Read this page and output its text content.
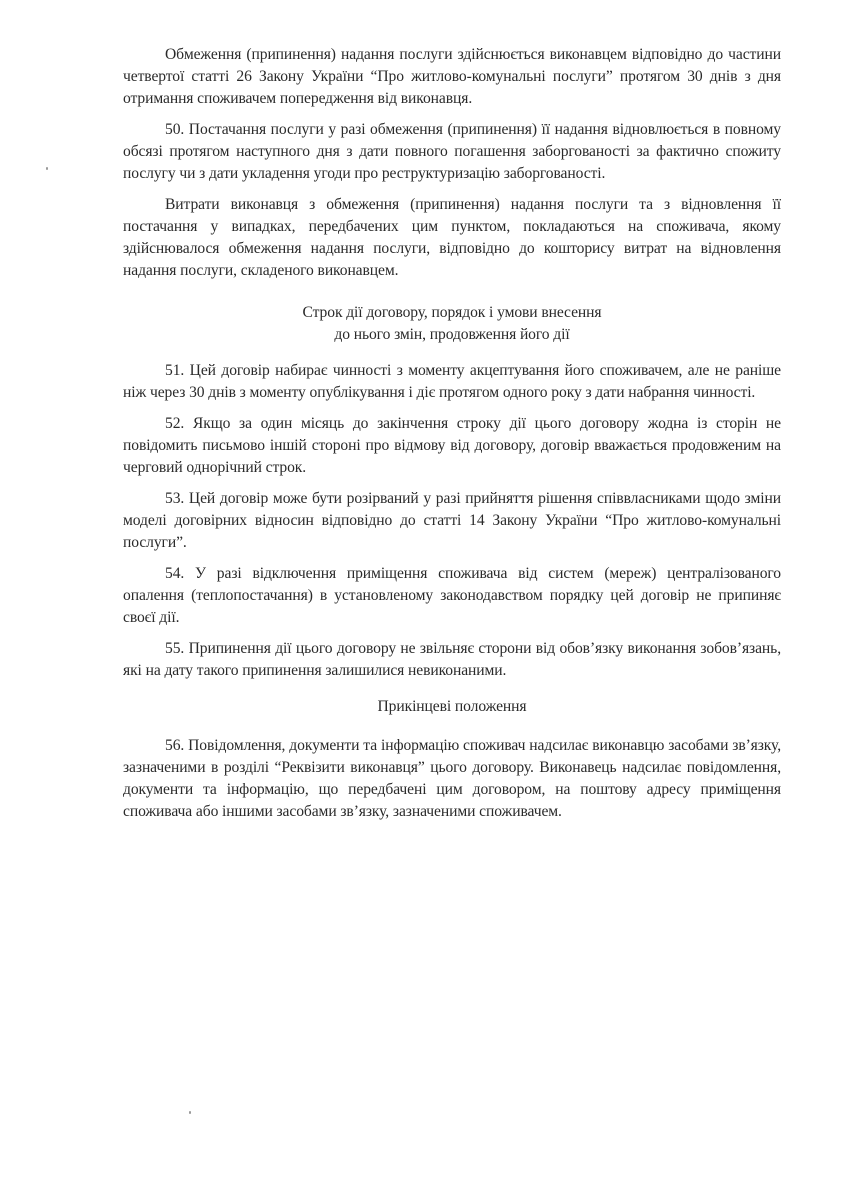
Обмеження (припинення) надання послуги здійснюється виконавцем відповідно до частини четвертої статті 26 Закону України “Про житлово-комунальні послуги” протягом 30 днів з дня отримання споживачем попередження від виконавця.

50. Постачання послуги у разі обмеження (припинення) її надання відновлюється в повному обсязі протягом наступного дня з дати повного погашення заборгованості за фактично спожиту послугу чи з дати укладення угоди про реструктуризацію заборгованості.

Витрати виконавця з обмеження (припинення) надання послуги та з відновлення її постачання у випадках, передбачених цим пунктом, покладаються на споживача, якому здійснювалося обмеження надання послуги, відповідно до кошторису витрат на відновлення надання послуги, складеного виконавцем.

Строк дії договору, порядок і умови внесення
до нього змін, продовження його дії

51. Цей договір набирає чинності з моменту акцептування його споживачем, але не раніше ніж через 30 днів з моменту опублікування і діє протягом одного року з дати набрання чинності.

52. Якщо за один місяць до закінчення строку дії цього договору жодна із сторін не повідомить письмово іншій стороні про відмову від договору, договір вважається продовженим на черговий однорічний строк.

53. Цей договір може бути розірваний у разі прийняття рішення співвласниками щодо зміни моделі договірних відносин відповідно до статті 14 Закону України “Про житлово-комунальні послуги”.

54. У разі відключення приміщення споживача від систем (мереж) централізованого опалення (теплопостачання) в установленому законодавством порядку цей договір не припиняє своєї дії.

55. Припинення дії цього договору не звільняє сторони від обов’язку виконання зобов’язань, які на дату такого припинення залишилися невиконаними.

Прикінцеві положення

56. Повідомлення, документи та інформацію споживач надсилає виконавцю засобами зв’язку, зазначеними в розділі “Реквізити виконавця” цього договору. Виконавець надсилає повідомлення, документи та інформацію, що передбачені цим договором, на поштову адресу приміщення споживача або іншими засобами зв’язку, зазначеними споживачем.
